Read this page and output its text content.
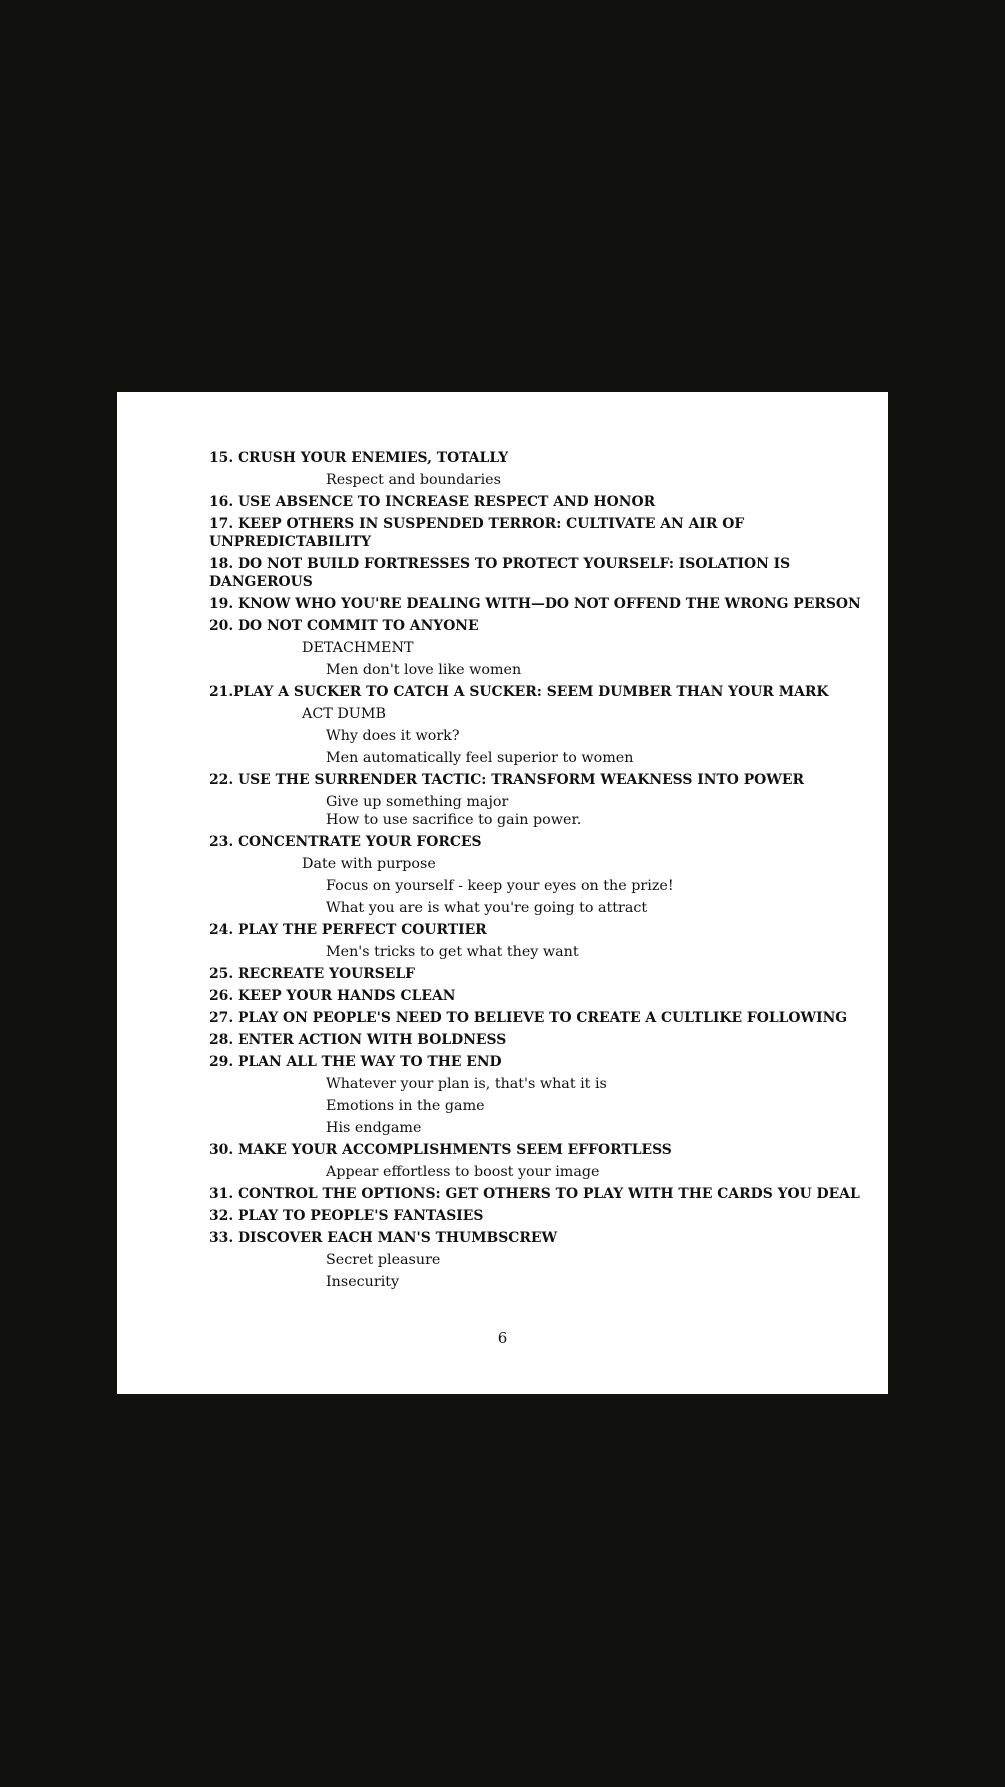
15. CRUSH YOUR ENEMIES, TOTALLY
Respect and boundaries
16. USE ABSENCE TO INCREASE RESPECT AND HONOR
17. KEEP OTHERS IN SUSPENDED TERROR: CULTIVATE AN AIR OF UNPREDICTABILITY
18. DO NOT BUILD FORTRESSES TO PROTECT YOURSELF: ISOLATION IS DANGEROUS
19. KNOW WHO YOU'RE DEALING WITH—DO NOT OFFEND THE WRONG PERSON
20. DO NOT COMMIT TO ANYONE
DETACHMENT
Men don't love like women
21.PLAY A SUCKER TO CATCH A SUCKER: SEEM DUMBER THAN YOUR MARK
ACT DUMB
Why does it work?
Men automatically feel superior to women
22. USE THE SURRENDER TACTIC: TRANSFORM WEAKNESS INTO POWER
Give up something major
How to use sacrifice to gain power.
23. CONCENTRATE YOUR FORCES
Date with purpose
Focus on yourself - keep your eyes on the prize!
What you are is what you're going to attract
24. PLAY THE PERFECT COURTIER
Men's tricks to get what they want
25. RECREATE YOURSELF
26. KEEP YOUR HANDS CLEAN
27. PLAY ON PEOPLE'S NEED TO BELIEVE TO CREATE A CULTLIKE FOLLOWING
28. ENTER ACTION WITH BOLDNESS
29. PLAN ALL THE WAY TO THE END
Whatever your plan is, that's what it is
Emotions in the game
His endgame
30. MAKE YOUR ACCOMPLISHMENTS SEEM EFFORTLESS
Appear effortless to boost your image
31. CONTROL THE OPTIONS: GET OTHERS TO PLAY WITH THE CARDS YOU DEAL
32. PLAY TO PEOPLE'S FANTASIES
33. DISCOVER EACH MAN'S THUMBSCREW
Secret pleasure
Insecurity
6
